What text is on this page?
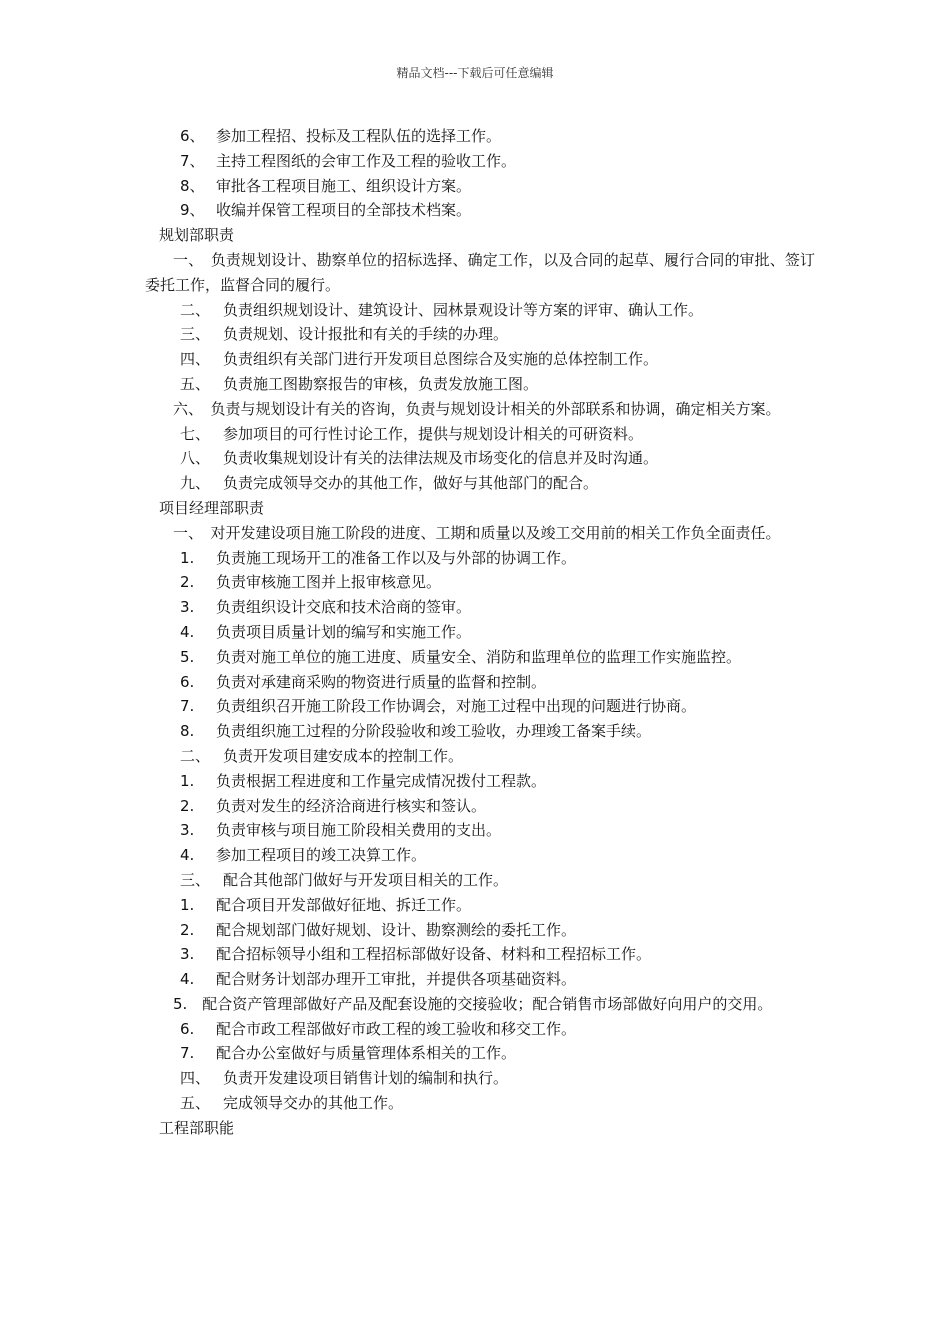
精品文档---下载后可任意编辑
6、 参加工程招、投标及工程队伍的选择工作。
7、 主持工程图纸的会审工作及工程的验收工作。
8、 审批各工程项目施工、组织设计方案。
9、 收编并保管工程项目的全部技术档案。
规划部职责
一、　负责规划设计、勘察单位的招标选择、确定工作，以及合同的起草、履行合同的审批、签订委托工作，监督合同的履行。
二、 负责组织规划设计、建筑设计、园林景观设计等方案的评审、确认工作。
三、 负责规划、设计报批和有关的手续的办理。
四、 负责组织有关部门进行开发项目总图综合及实施的总体控制工作。
五、 负责施工图勘察报告的审核，负责发放施工图。
六、　负责与规划设计有关的咨询，负责与规划设计相关的外部联系和协调，确定相关方案。
七、 参加项目的可行性讨论工作，提供与规划设计相关的可研资料。
八、 负责收集规划设计有关的法律法规及市场变化的信息并及时沟通。
九、 负责完成领导交办的其他工作，做好与其他部门的配合。
项目经理部职责
一、　对开发建设项目施工阶段的进度、工期和质量以及竣工交用前的相关工作负全面责任。
1. 负责施工现场开工的准备工作以及与外部的协调工作。
2. 负责审核施工图并上报审核意见。
3. 负责组织设计交底和技术洽商的签审。
4. 负责项目质量计划的编写和实施工作。
5. 负责对施工单位的施工进度、质量安全、消防和监理单位的监理工作实施监控。
6. 负责对承建商采购的物资进行质量的监督和控制。
7. 负责组织召开施工阶段工作协调会，对施工过程中出现的问题进行协商。
8. 负责组织施工过程的分阶段验收和竣工验收，办理竣工备案手续。
二、 负责开发项目建安成本的控制工作。
1. 负责根据工程进度和工作量完成情况拨付工程款。
2. 负责对发生的经济洽商进行核实和签认。
3. 负责审核与项目施工阶段相关费用的支出。
4. 参加工程项目的竣工决算工作。
三、 配合其他部门做好与开发项目相关的工作。
1. 配合项目开发部做好征地、拆迁工作。
2. 配合规划部门做好规划、设计、勘察测绘的委托工作。
3. 配合招标领导小组和工程招标部做好设备、材料和工程招标工作。
4. 配合财务计划部办理开工审批，并提供各项基础资料。
5.　配合资产管理部做好产品及配套设施的交接验收；配合销售市场部做好向用户的交用。
6. 配合市政工程部做好市政工程的竣工验收和移交工作。
7. 配合办公室做好与质量管理体系相关的工作。
四、 负责开发建设项目销售计划的编制和执行。
五、 完成领导交办的其他工作。
工程部职能
